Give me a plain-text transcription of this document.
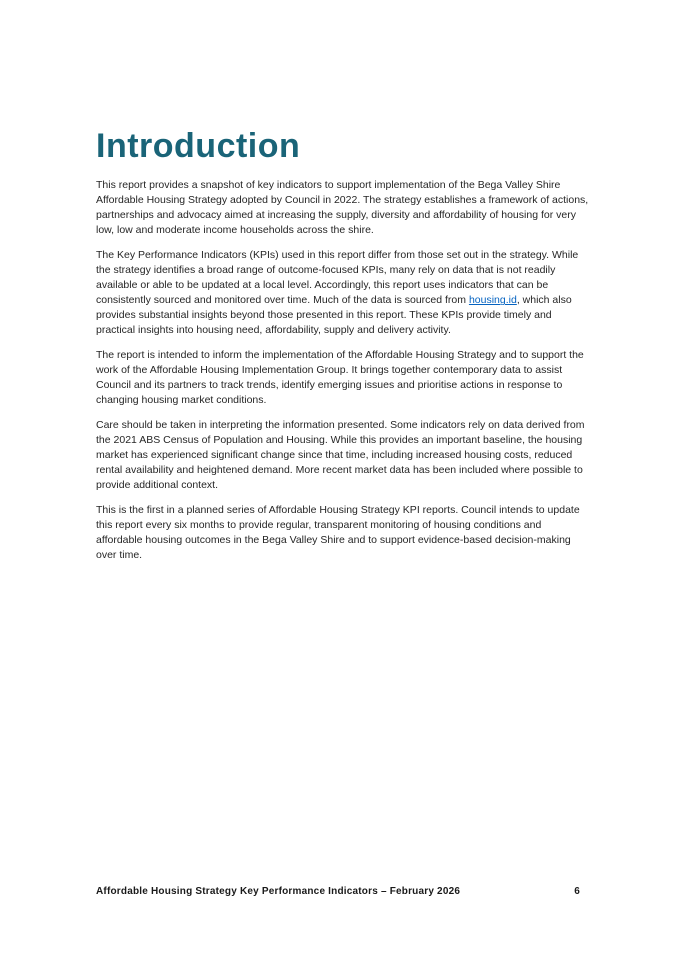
Introduction

This report provides a snapshot of key indicators to support implementation of the Bega Valley Shire Affordable Housing Strategy adopted by Council in 2022. The strategy establishes a framework of actions, partnerships and advocacy aimed at increasing the supply, diversity and affordability of housing for very low, low and moderate income households across the shire.

The Key Performance Indicators (KPIs) used in this report differ from those set out in the strategy. While the strategy identifies a broad range of outcome-focused KPIs, many rely on data that is not readily available or able to be updated at a local level. Accordingly, this report uses indicators that can be consistently sourced and monitored over time. Much of the data is sourced from housing.id, which also provides substantial insights beyond those presented in this report. These KPIs provide timely and practical insights into housing need, affordability, supply and delivery activity.

The report is intended to inform the implementation of the Affordable Housing Strategy and to support the work of the Affordable Housing Implementation Group. It brings together contemporary data to assist Council and its partners to track trends, identify emerging issues and prioritise actions in response to changing housing market conditions.

Care should be taken in interpreting the information presented. Some indicators rely on data derived from the 2021 ABS Census of Population and Housing. While this provides an important baseline, the housing market has experienced significant change since that time, including increased housing costs, reduced rental availability and heightened demand. More recent market data has been included where possible to provide additional context.

This is the first in a planned series of Affordable Housing Strategy KPI reports. Council intends to update this report every six months to provide regular, transparent monitoring of housing conditions and affordable housing outcomes in the Bega Valley Shire and to support evidence-based decision-making over time.

Affordable Housing Strategy Key Performance Indicators – February 2026	6
